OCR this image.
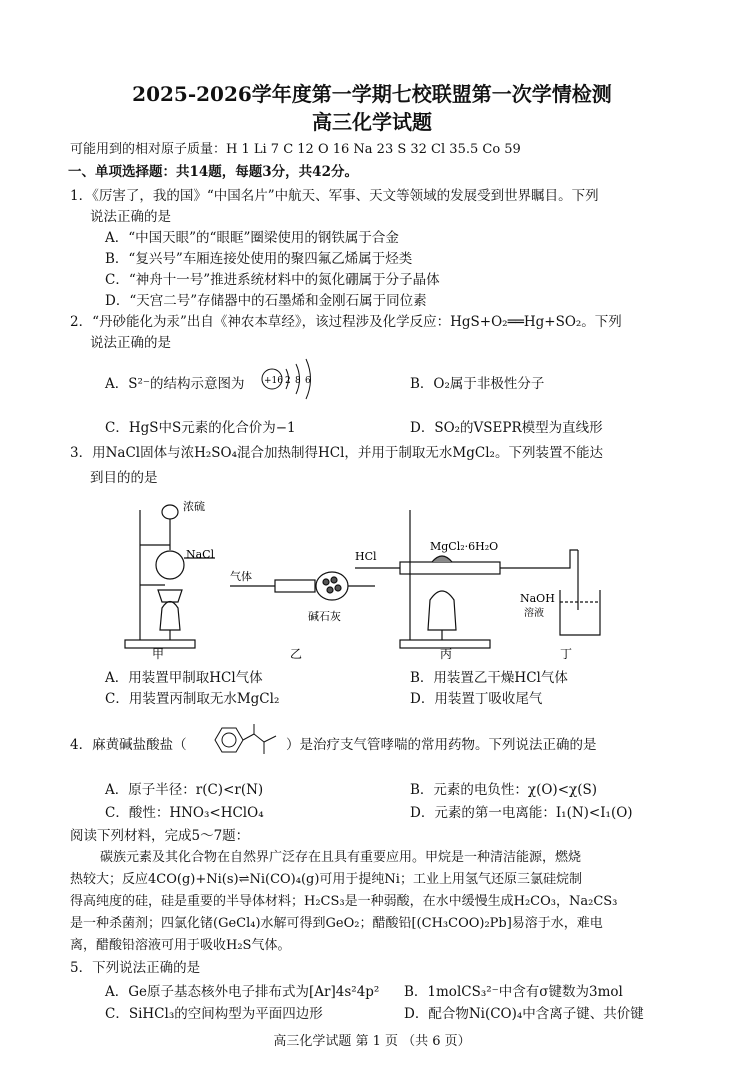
2025-2026学年度第一学期七校联盟第一次学情检测
高三化学试题
可能用到的相对原子质量：H 1 Li 7 C 12 O 16 Na 23 S 32 Cl 35.5 Co 59
一、单项选择题：共14题，每题3分，共42分。
1．《厉害了，我的国》“中国名片”中航天、军事、天文等领域的发展受到世界瞩目。下列
说法正确的是
A．“中国天眼”的“眼眶”圈梁使用的钢铁属于合金
B．“复兴号”车厢连接处使用的聚四氟乙烯属于烃类
C．“神舟十一号”推进系统材料中的氮化硼属于分子晶体
D．“天宫二号”存储器中的石墨烯和金刚石属于同位素
2．“丹砂能化为汞”出自《神农本草经》，该过程涉及化学反应：HgS+O₂══Hg+SO₂。下列
说法正确的是
A．S²⁻的结构示意图为 +16 2 8 6	B．O₂属于非极性分子
C．HgS中S元素的化合价为−1	D．SO₂的VSEPR模型为直线形
3．用NaCl固体与浓H₂SO₄混合加热制得HCl，并用于制取无水MgCl₂。下列装置不能达
到目的的是
浓硫
NaCl
气体
碱石灰
HCl
MgCl₂·6H₂O
NaOH
溶液
甲	乙	丙	丁
A．用装置甲制取HCl气体	B．用装置乙干燥HCl气体
C．用装置丙制取无水MgCl₂	D．用装置丁吸收尾气
4．麻黄碱盐酸盐（	）是治疗支气管哮喘的常用药物。下列说法正确的是
A．原子半径：r(C)<r(N)	B．元素的电负性：χ(O)<χ(S)
C．酸性：HNO₃<HClO₄	D．元素的第一电离能：I₁(N)<I₁(O)
阅读下列材料，完成5～7题：
碳族元素及其化合物在自然界广泛存在且具有重要应用。甲烷是一种清洁能源，燃烧
热较大；反应4CO(g)+Ni(s)⇌Ni(CO)₄(g)可用于提纯Ni；工业上用氢气还原三氯硅烷制
得高纯度的硅，硅是重要的半导体材料；H₂CS₃是一种弱酸，在水中缓慢生成H₂CO₃，Na₂CS₃
是一种杀菌剂；四氯化锗(GeCl₄)水解可得到GeO₂；醋酸铅[(CH₃COO)₂Pb]易溶于水，难电
离，醋酸铅溶液可用于吸收H₂S气体。
5．下列说法正确的是
A．Ge原子基态核外电子排布式为[Ar]4s²4p² B．1molCS₃²⁻中含有σ键数为3mol
C．SiHCl₃的空间构型为平面四边形	D．配合物Ni(CO)₄中含离子键、共价键
高三化学试题 第 1 页 （共 6 页）
